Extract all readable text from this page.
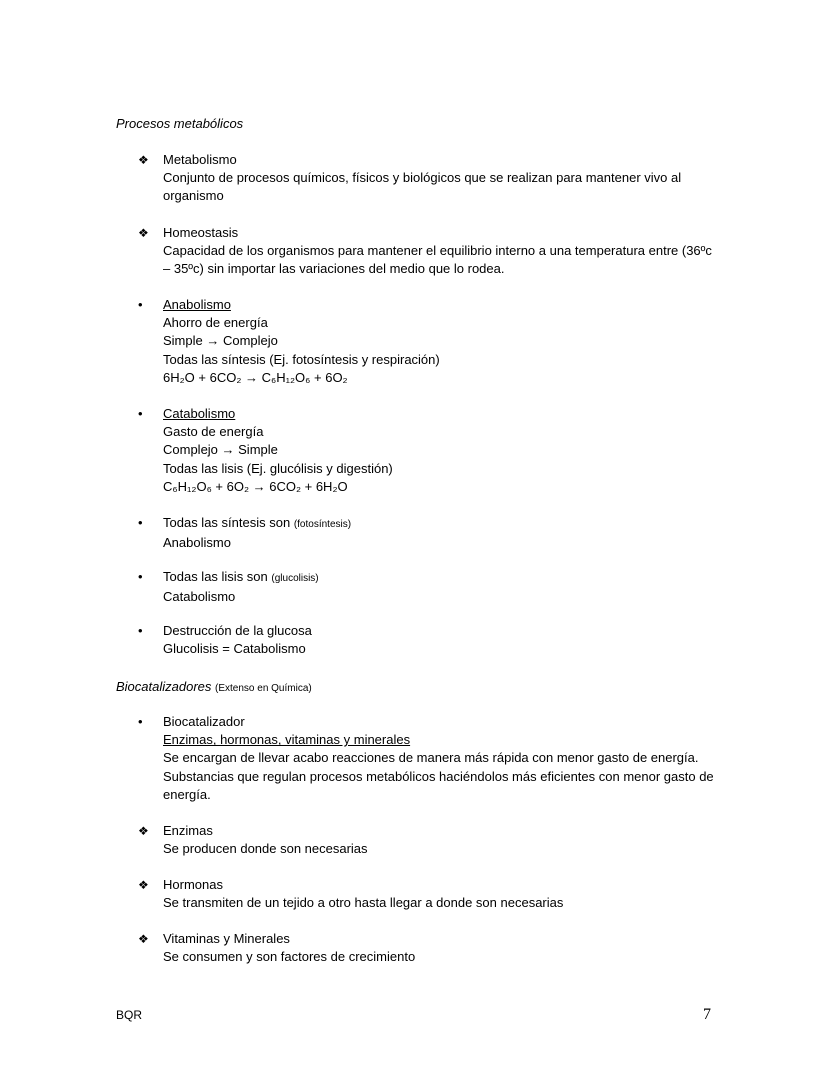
Procesos metabólicos
❖	Metabolismo
Conjunto de procesos químicos, físicos y biológicos que se realizan para mantener vivo al organismo
❖	Homeostasis
Capacidad de los organismos para mantener el equilibrio interno a una temperatura entre (36ºc – 35ºc) sin importar las variaciones del medio que lo rodea.
•	Anabolismo
Ahorro de energía
Simple → Complejo
Todas las síntesis (Ej. fotosíntesis y respiración)
6H₂O + 6CO₂ → C₆H₁₂O₆ + 6O₂
•	Catabolismo
Gasto de energía
Complejo → Simple
Todas las lisis (Ej. glucólisis y digestión)
C₆H₁₂O₆ + 6O₂ → 6CO₂ + 6H₂O
•	Todas las síntesis son (fotosíntesis)
Anabolismo
•	Todas las lisis son (glucolisis)
Catabolismo
•	Destrucción de la glucosa
Glucolisis = Catabolismo
Biocatalizadores (Extenso en Química)
•	Biocatalizador
Enzimas, hormonas, vitaminas y minerales
Se encargan de llevar acabo reacciones de manera más rápida con menor gasto de energía. Substancias que regulan procesos metabólicos haciéndolos más eficientes con menor gasto de energía.
❖	Enzimas
Se producen donde son necesarias
❖	Hormonas
Se transmiten de un tejido a otro hasta llegar a donde son necesarias
❖	Vitaminas y Minerales
Se consumen y son factores de crecimiento
BQR	7
